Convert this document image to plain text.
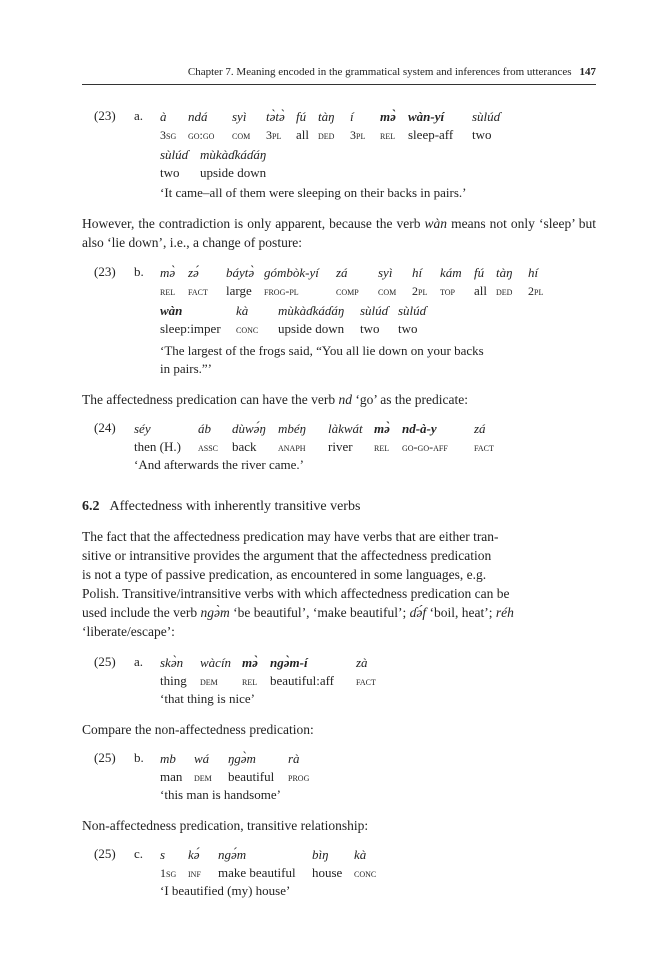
Chapter 7. Meaning encoded in the grammatical system and inferences from utterances 147
(23) a. à
3sg
ndá
go:go
syì
com
tə̀tə̀
3pl
fú
all
tàŋ
ded
í
3pl
mə̀
rel
wàn-yí
sleep-aff
sùlúɗ
two
sùlúɗ
two
mùkàɗkáɗáŋ
upside down
‘It came–all of them were sleeping on their backs in pairs.’
However, the contradiction is only apparent, because the verb wàn means not only ‘sleep’ but also ‘lie down’, i.e., a change of posture:
(23) b. mə̀
rel
zə́
fact
báytə̀
large
gómbòk-yí
frog-pl
zá
comp
syì
com
hí
2pl
kám
top
fú
all
tàŋ
ded
hí
2pl
wàn
sleep:imper
kà
conc
mùkàɗkáɗáŋ
upside down
sùlúɗ
two
sùlúɗ
two
‘The largest of the frogs said, “You all lie down on your backs
in pairs.”’
The affectedness predication can have the verb nd ‘go’ as the predicate:
(24) séy
then (H.)
áb
assc
dùwə́ŋ
back
mbéŋ
anaph
làkwát
river
mə̀
rel
nd-à-y
go-go-aff
zá
fact
‘And afterwards the river came.’
6.2 Affectedness with inherently transitive verbs
The fact that the affectedness predication may have verbs that are either tran-
sitive or intransitive provides the argument that the affectedness predication
is not a type of passive predication, as encountered in some languages, e.g.
Polish. Transitive/intransitive verbs with which affectedness predication can be
used include the verb ngə̀m ‘be beautiful’, ‘make beautiful’; ɗə́f ‘boil, heat’; réh
‘liberate/escape’:
(25) a. skə̀n
thing
wàcín
dem
mə̀
rel
ngə̀m-í
beautiful:aff
zà
fact
‘that thing is nice’
Compare the non-affectedness predication:
(25) b. mb
man
wá
dem
ŋgə̀m
beautiful
rà
prog
‘this man is handsome’
Non-affectedness predication, transitive relationship:
(25) c. s
1sg
kə́
inf
ngə́m
make beautiful
bìŋ
house
kà
conc
‘I beautified (my) house’
